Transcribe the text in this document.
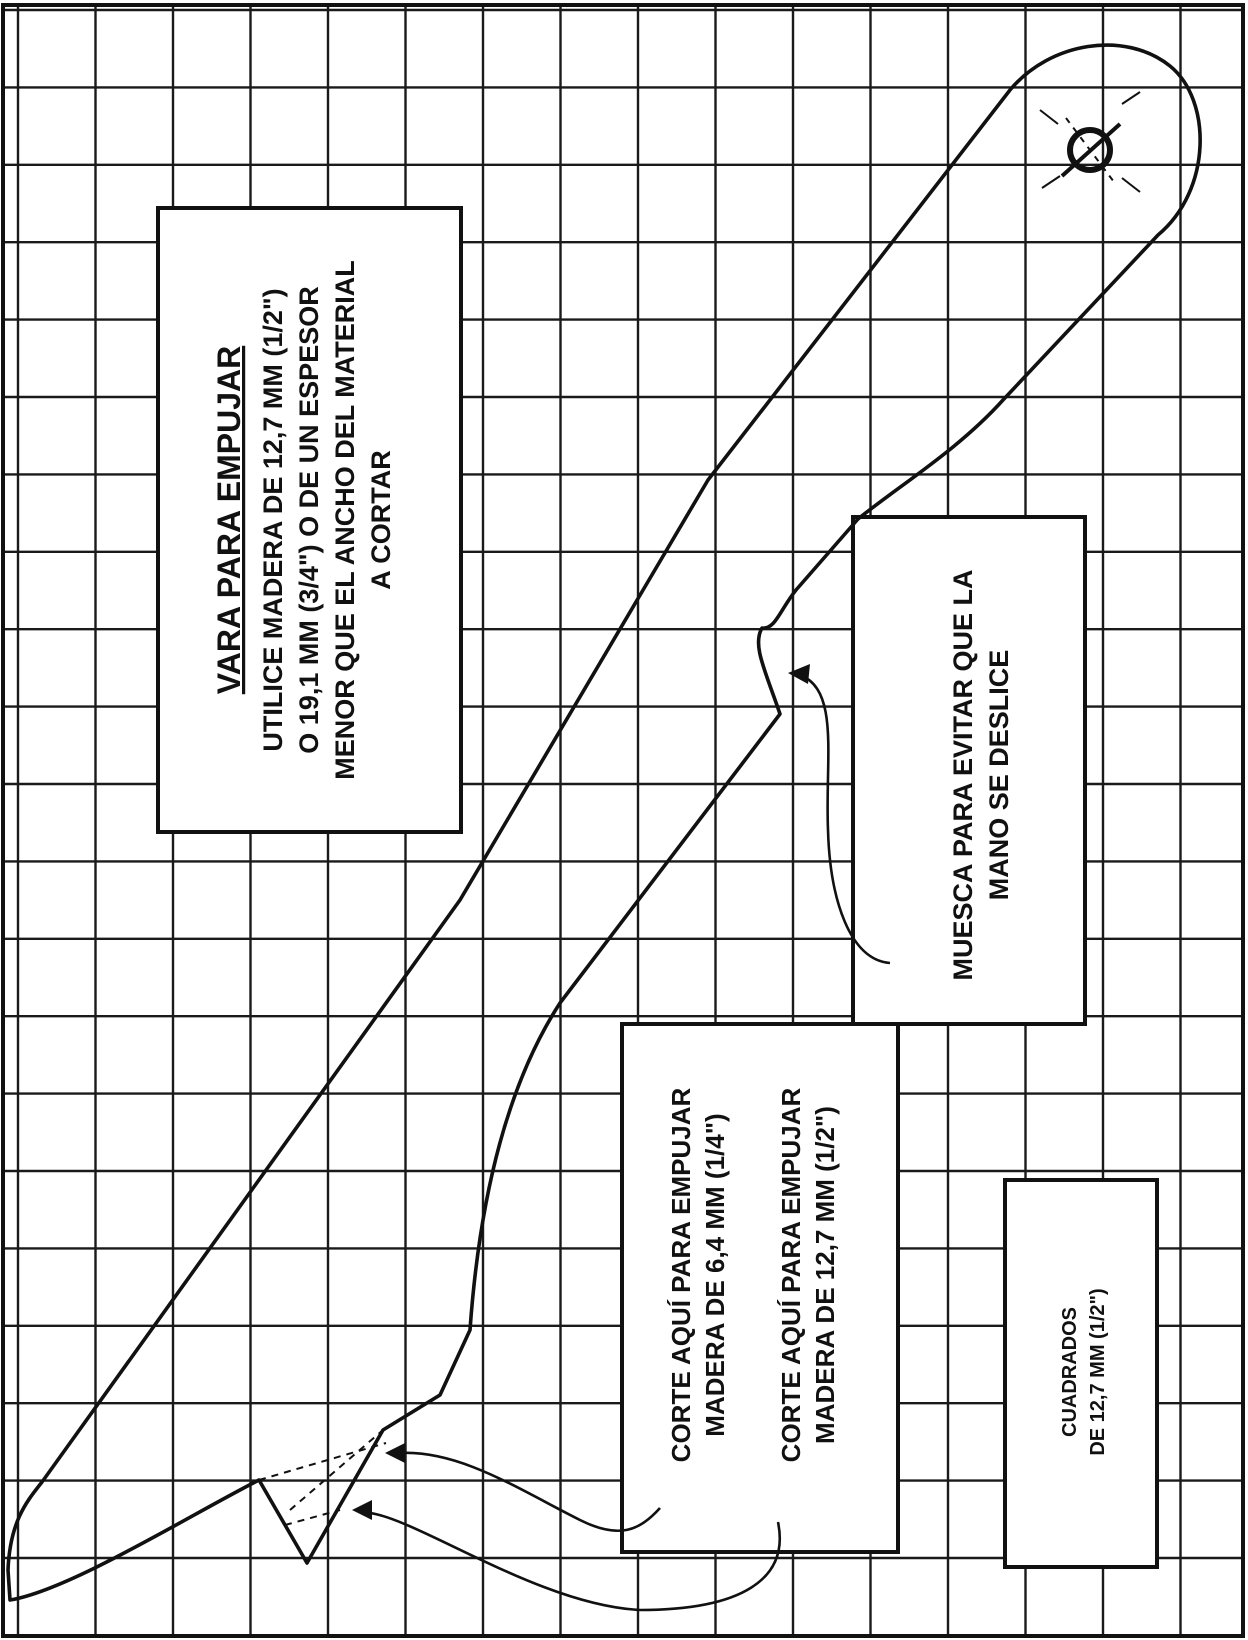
VARA PARA EMPUJAR UTILICE MADERA DE 12,7 MM (1/2") O 19,1 MM (3/4") O DE UN ESPESOR MENOR QUE EL ANCHO DEL MATERIAL A CORTAR
MUESCA PARA EVITAR QUE LA MANO SE DESLICE
CORTE AQUÍ PARA EMPUJAR MADERA DE 6,4 MM (1/4") CORTE AQUÍ PARA EMPUJAR MADERA DE 12,7 MM (1/2")	CUADRADOS DE 12,7 MM (1/2")
